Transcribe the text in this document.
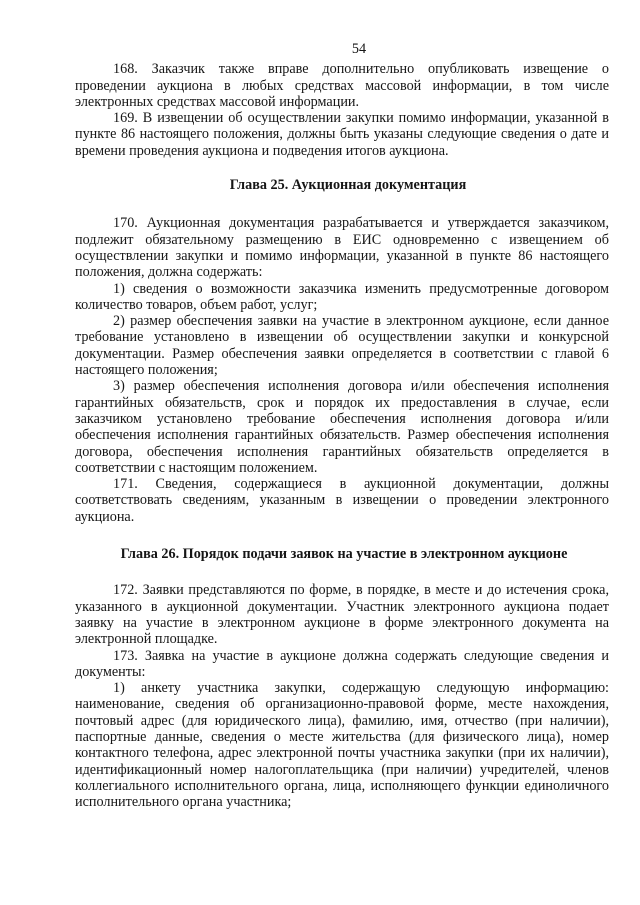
54

168. Заказчик также вправе дополнительно опубликовать извещение о проведении аукциона в любых средствах массовой информации, в том числе электронных средствах массовой информации.

169. В извещении об осуществлении закупки помимо информации, указанной в пункте 86 настоящего положения, должны быть указаны следующие сведения о дате и времени проведения аукциона и подведения итогов аукциона.

Глава 25. Аукционная документация

170. Аукционная документация разрабатывается и утверждается заказчиком, подлежит обязательному размещению в ЕИС одновременно с извещением об осуществлении закупки и помимо информации, указанной в пункте 86 настоящего положения, должна содержать:

1) сведения о возможности заказчика изменить предусмотренные договором количество товаров, объем работ, услуг;

2) размер обеспечения заявки на участие в электронном аукционе, если данное требование установлено в извещении об осуществлении закупки и конкурсной документации. Размер обеспечения заявки определяется в соответствии с главой 6 настоящего положения;

3) размер обеспечения исполнения договора и/или обеспечения исполнения гарантийных обязательств, срок и порядок их предоставления в случае, если заказчиком установлено требование обеспечения исполнения договора и/или обеспечения исполнения гарантийных обязательств. Размер обеспечения исполнения договора, обеспечения исполнения гарантийных обязательств определяется в соответствии с настоящим положением.

171. Сведения, содержащиеся в аукционной документации, должны соответствовать сведениям, указанным в извещении о проведении электронного аукциона.

Глава 26. Порядок подачи заявок на участие в электронном аукционе

172. Заявки представляются по форме, в порядке, в месте и до истечения срока, указанного в аукционной документации. Участник электронного аукциона подает заявку на участие в электронном аукционе в форме электронного документа на электронной площадке.

173. Заявка на участие в аукционе должна содержать следующие сведения и документы:

1) анкету участника закупки, содержащую следующую информацию: наименование, сведения об организационно-правовой форме, месте нахождения, почтовый адрес (для юридического лица), фамилию, имя, отчество (при наличии), паспортные данные, сведения о месте жительства (для физического лица), номер контактного телефона, адрес электронной почты участника закупки (при их наличии), идентификационный номер налогоплательщика (при наличии) учредителей, членов коллегиального исполнительного органа, лица, исполняющего функции единоличного исполнительного органа участника;
